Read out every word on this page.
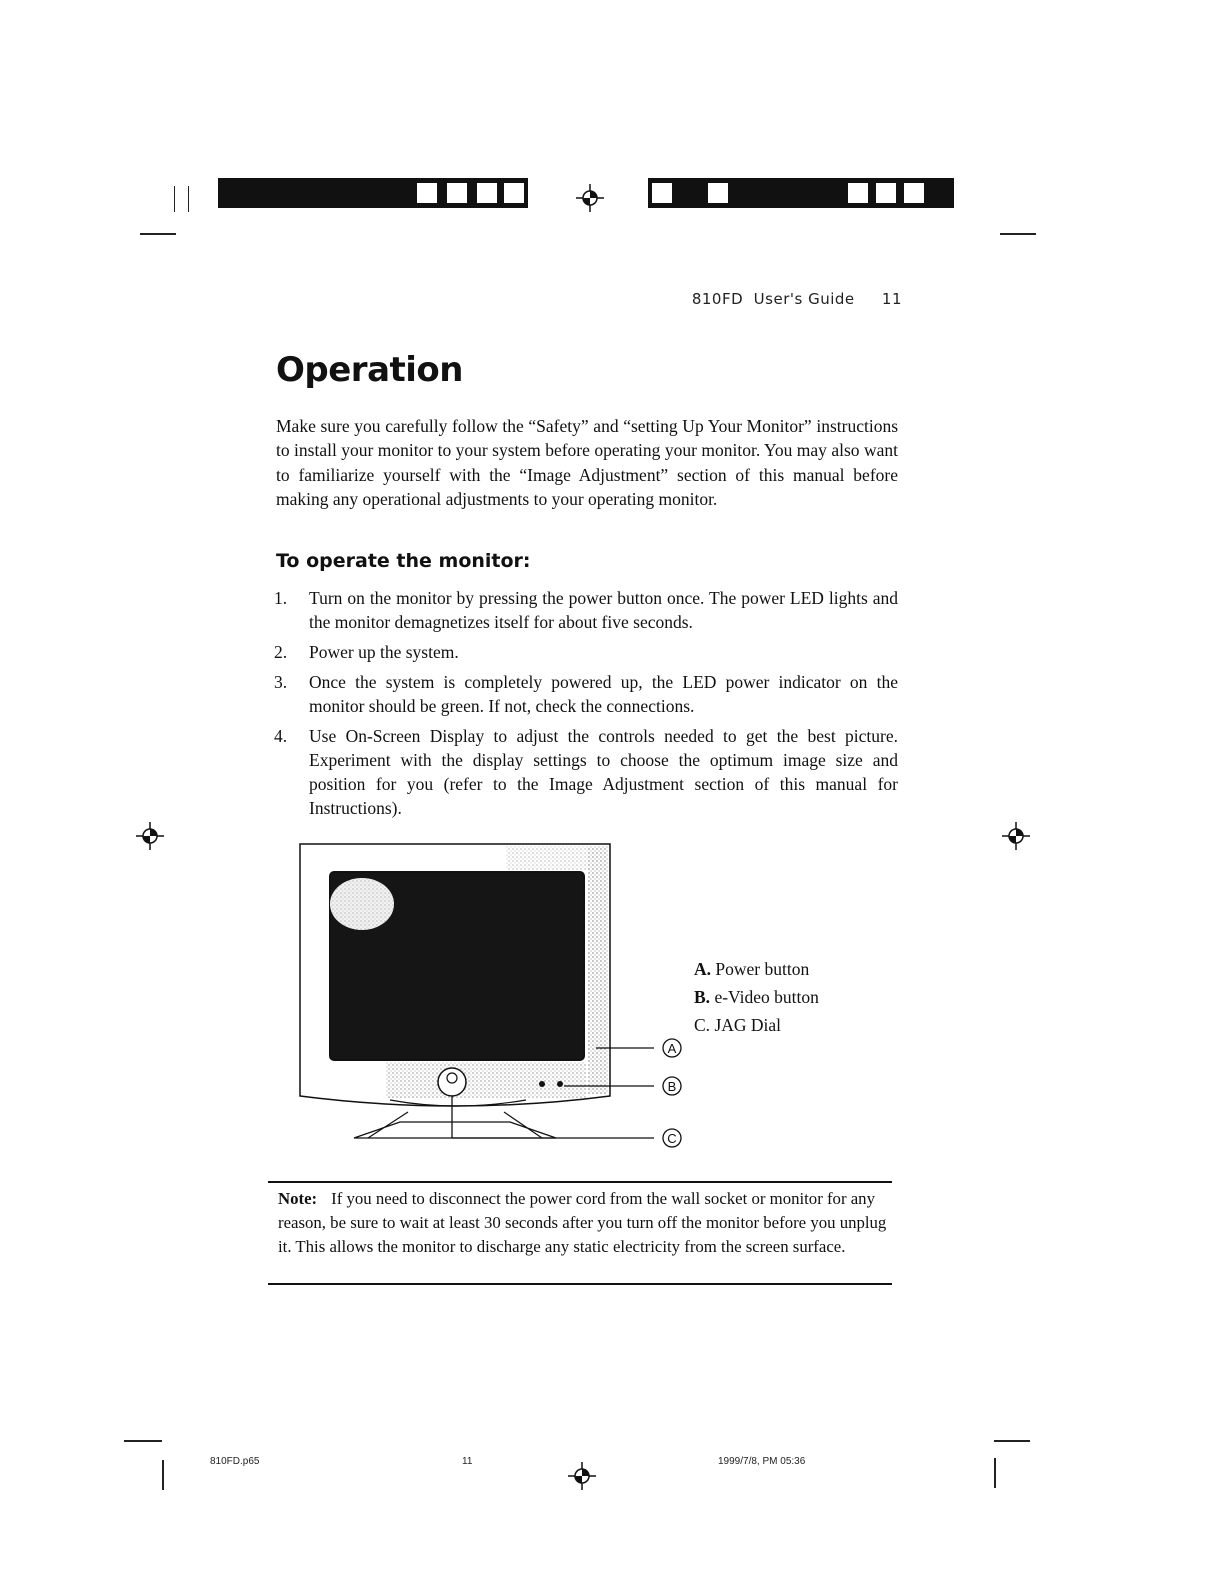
810FD  User's Guide 11
Operation
Make sure you carefully follow the “Safety” and “setting Up Your Monitor” instructions to install your monitor to your system before operating your monitor. You may also want to familiarize yourself with the “Image Adjustment” section of this manual before making any operational adjustments to your operating monitor.
To operate the monitor:
1. Turn on the monitor by pressing the power button once. The power LED lights and the monitor demagnetizes itself for about five seconds.
2. Power up the system.
3. Once the system is completely powered up, the LED power indicator on the monitor should be green. If not, check the connections.
4. Use On-Screen Display to adjust the controls needed to get the best picture. Experiment with the display settings to choose the optimum image size and position for you (refer to the Image Adjustment section of this manual for Instructions).
A
B
C
A. Power button
B. e-Video button
C. JAG Dial
Note: If you need to disconnect the power cord from the wall socket or monitor for any reason, be sure to wait at least 30 seconds after you turn off the monitor before you unplug it. This allows the monitor to discharge any static electricity from the screen surface.
810FD.p65	11	1999/7/8, PM 05:36
